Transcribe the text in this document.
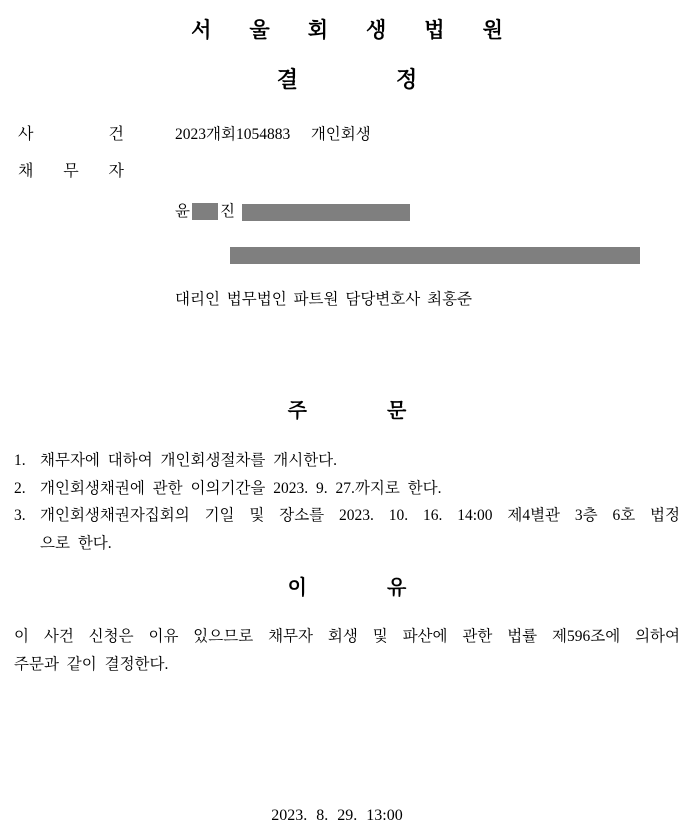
서울회생법원
결정
사 건	2023개회1054883   개인회생
채 무 자

윤 진

대리인 법무법인 파트원 담당변호사 최홍준

주문
1. 채무자에 대하여 개인회생절차를 개시한다.
2. 개인회생채권에 관한 이의기간을 2023. 9. 27.까지로 한다.
3. 개인회생채권자집회의 기일 및 장소를 2023. 10. 16. 14:00 제4별관 3층 6호 법정
으로 한다.
이유
이 사건 신청은 이유 있으므로 채무자 회생 및 파산에 관한 법률 제596조에 의하여
주문과 같이 결정한다.
2023. 8. 29. 13:00
